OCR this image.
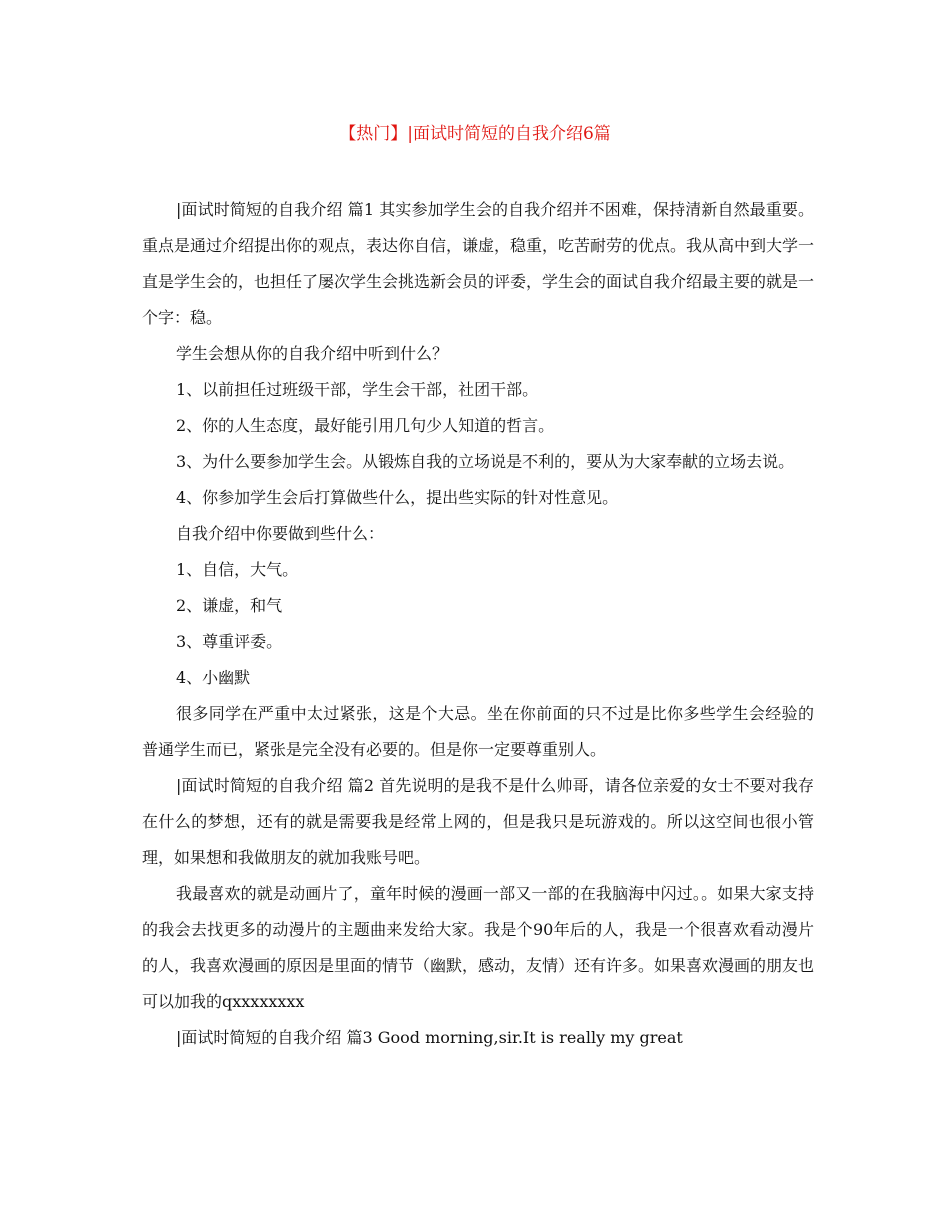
【热门】|面试时简短的自我介绍6篇

|面试时简短的自我介绍 篇1 其实参加学生会的自我介绍并不困难，保持清新自然最重要。重点是通过介绍提出你的观点，表达你自信，谦虚，稳重，吃苦耐劳的优点。我从高中到大学一直是学生会的，也担任了屡次学生会挑选新会员的评委，学生会的面试自我介绍最主要的就是一个字：稳。

学生会想从你的自我介绍中听到什么？

1、以前担任过班级干部，学生会干部，社团干部。

2、你的人生态度，最好能引用几句少人知道的哲言。

3、为什么要参加学生会。从锻炼自我的立场说是不利的，要从为大家奉献的立场去说。

4、你参加学生会后打算做些什么，提出些实际的针对性意见。

自我介绍中你要做到些什么：

1、自信，大气。

2、谦虚，和气

3、尊重评委。

4、小幽默

很多同学在严重中太过紧张，这是个大忌。坐在你前面的只不过是比你多些学生会经验的普通学生而已，紧张是完全没有必要的。但是你一定要尊重别人。

|面试时简短的自我介绍 篇2 首先说明的是我不是什么帅哥，请各位亲爱的女士不要对我存在什么的梦想，还有的就是需要我是经常上网的，但是我只是玩游戏的。所以这空间也很小管理，如果想和我做朋友的就加我账号吧。

我最喜欢的就是动画片了，童年时候的漫画一部又一部的在我脑海中闪过。。如果大家支持的我会去找更多的动漫片的主题曲来发给大家。我是个90年后的人，我是一个很喜欢看动漫片的人，我喜欢漫画的原因是里面的情节（幽默，感动，友情）还有许多。如果喜欢漫画的朋友也可以加我的qxxxxxxxx

|面试时简短的自我介绍 篇3 Good morning,sir.It is really my great
